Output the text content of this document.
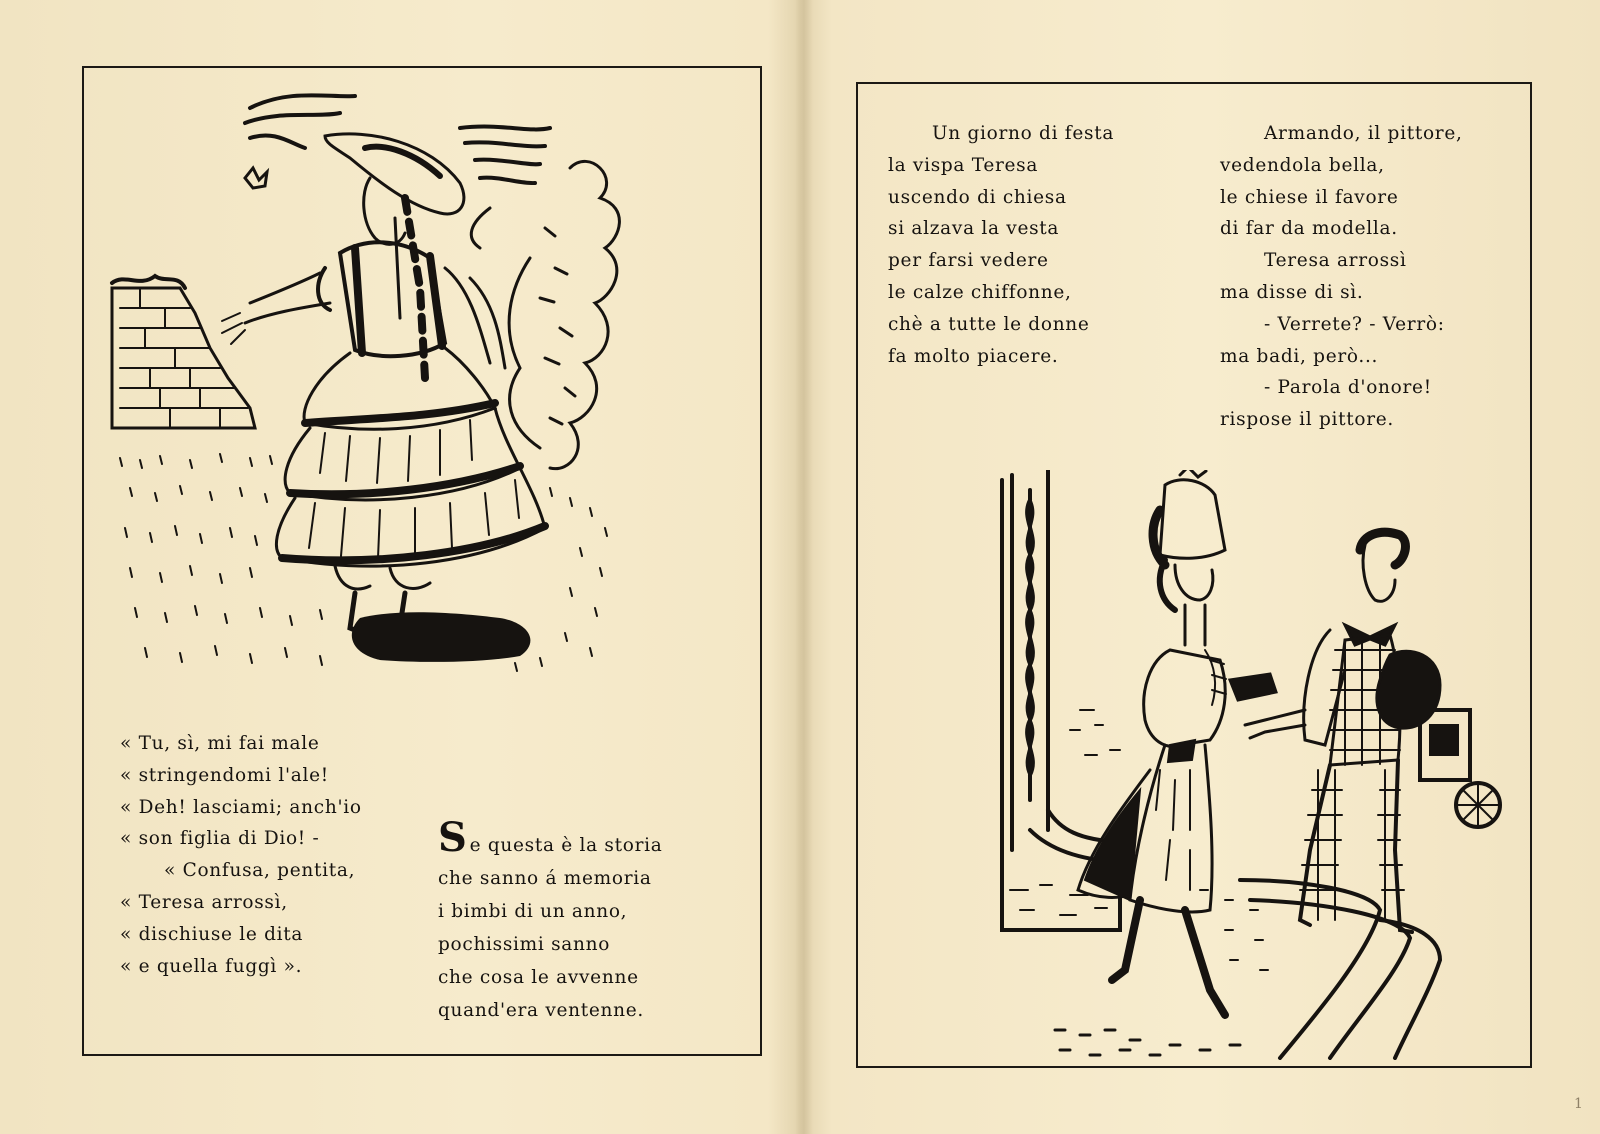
« Tu, sì, mi fai male
« stringendomi l'ale!
« Deh! lasciami; anch'io
« son figlia di Dio! -
« Confusa, pentita,
« Teresa arrossì,
« dischiuse le dita
« e quella fuggì ».
Se questa è la storia
che sanno á memoria
i bimbi di un anno,
pochissimi sanno
che cosa le avvenne
quand'era ventenne.
Un giorno di festa
la vispa Teresa
uscendo di chiesa
si alzava la vesta
per farsi vedere
le calze chiffonne,
chè a tutte le donne
fa molto piacere.
Armando, il pittore,
vedendola bella,
le chiese il favore
di far da modella.
Teresa arrossì
ma disse di sì.
- Verrete? - Verrò:
ma badi, però...
- Parola d'onore!
rispose il pittore.
1
